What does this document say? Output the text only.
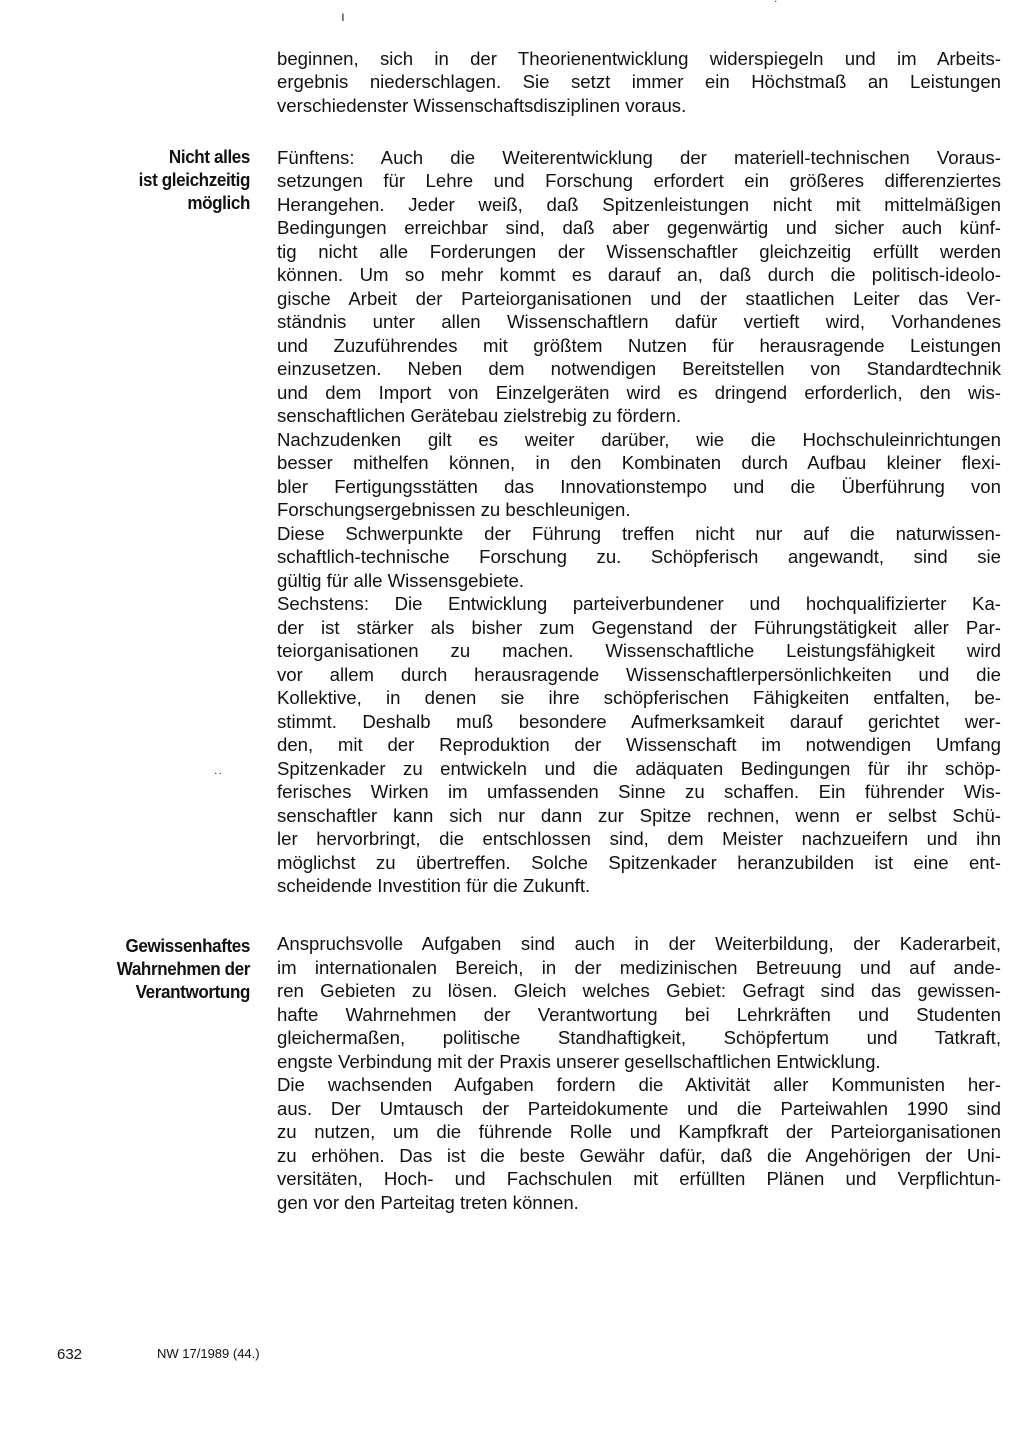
beginnen, sich in der Theorienentwicklung widerspiegeln und im Arbeits-
ergebnis niederschlagen. Sie setzt immer ein Höchstmaß an Leistungen
verschiedenster Wissenschaftsdisziplinen voraus.
Fünftens: Auch die Weiterentwicklung der materiell-technischen Voraus-
setzungen für Lehre und Forschung erfordert ein größeres differenziertes
Herangehen. Jeder weiß, daß Spitzenleistungen nicht mit mittelmäßigen
Bedingungen erreichbar sind, daß aber gegenwärtig und sicher auch künf-
tig nicht alle Forderungen der Wissenschaftler gleichzeitig erfüllt werden
können. Um so mehr kommt es darauf an, daß durch die politisch-ideolo-
gische Arbeit der Parteiorganisationen und der staatlichen Leiter das Ver-
ständnis unter allen Wissenschaftlern dafür vertieft wird, Vorhandenes
und Zuzuführendes mit größtem Nutzen für herausragende Leistungen
einzusetzen. Neben dem notwendigen Bereitstellen von Standardtechnik
und dem Import von Einzelgeräten wird es dringend erforderlich, den wis-
senschaftlichen Gerätebau zielstrebig zu fördern.
Nachzudenken gilt es weiter darüber, wie die Hochschuleinrichtungen
besser mithelfen können, in den Kombinaten durch Aufbau kleiner flexi-
bler Fertigungsstätten das Innovationstempo und die Überführung von
Forschungsergebnissen zu beschleunigen.
Diese Schwerpunkte der Führung treffen nicht nur auf die naturwissen-
schaftlich-technische Forschung zu. Schöpferisch angewandt, sind sie
gültig für alle Wissensgebiete.
Sechstens: Die Entwicklung parteiverbundener und hochqualifizierter Ka-
der ist stärker als bisher zum Gegenstand der Führungstätigkeit aller Par-
teiorganisationen zu machen. Wissenschaftliche Leistungsfähigkeit wird
vor allem durch herausragende Wissenschaftlerpersönlichkeiten und die
Kollektive, in denen sie ihre schöpferischen Fähigkeiten entfalten, be-
stimmt. Deshalb muß besondere Aufmerksamkeit darauf gerichtet wer-
den, mit der Reproduktion der Wissenschaft im notwendigen Umfang
Spitzenkader zu entwickeln und die adäquaten Bedingungen für ihr schöp-
ferisches Wirken im umfassenden Sinne zu schaffen. Ein führender Wis-
senschaftler kann sich nur dann zur Spitze rechnen, wenn er selbst Schü-
ler hervorbringt, die entschlossen sind, dem Meister nachzueifern und ihn
möglichst zu übertreffen. Solche Spitzenkader heranzubilden ist eine ent-
scheidende Investition für die Zukunft.
Anspruchsvolle Aufgaben sind auch in der Weiterbildung, der Kaderarbeit,
im internationalen Bereich, in der medizinischen Betreuung und auf ande-
ren Gebieten zu lösen. Gleich welches Gebiet: Gefragt sind das gewissen-
hafte Wahrnehmen der Verantwortung bei Lehrkräften und Studenten
gleichermaßen, politische Standhaftigkeit, Schöpfertum und Tatkraft,
engste Verbindung mit der Praxis unserer gesellschaftlichen Entwicklung.
Die wachsenden Aufgaben fordern die Aktivität aller Kommunisten her-
aus. Der Umtausch der Parteidokumente und die Parteiwahlen 1990 sind
zu nutzen, um die führende Rolle und Kampfkraft der Parteiorganisationen
zu erhöhen. Das ist die beste Gewähr dafür, daß die Angehörigen der Uni-
versitäten, Hoch- und Fachschulen mit erfüllten Plänen und Verpflichtun-
gen vor den Parteitag treten können.
Nicht alles
ist gleichzeitig
möglich
Gewissenhaftes
Wahrnehmen der
Verantwortung
632	NW 17/1989 (44.)
ı
˙
˙˙
